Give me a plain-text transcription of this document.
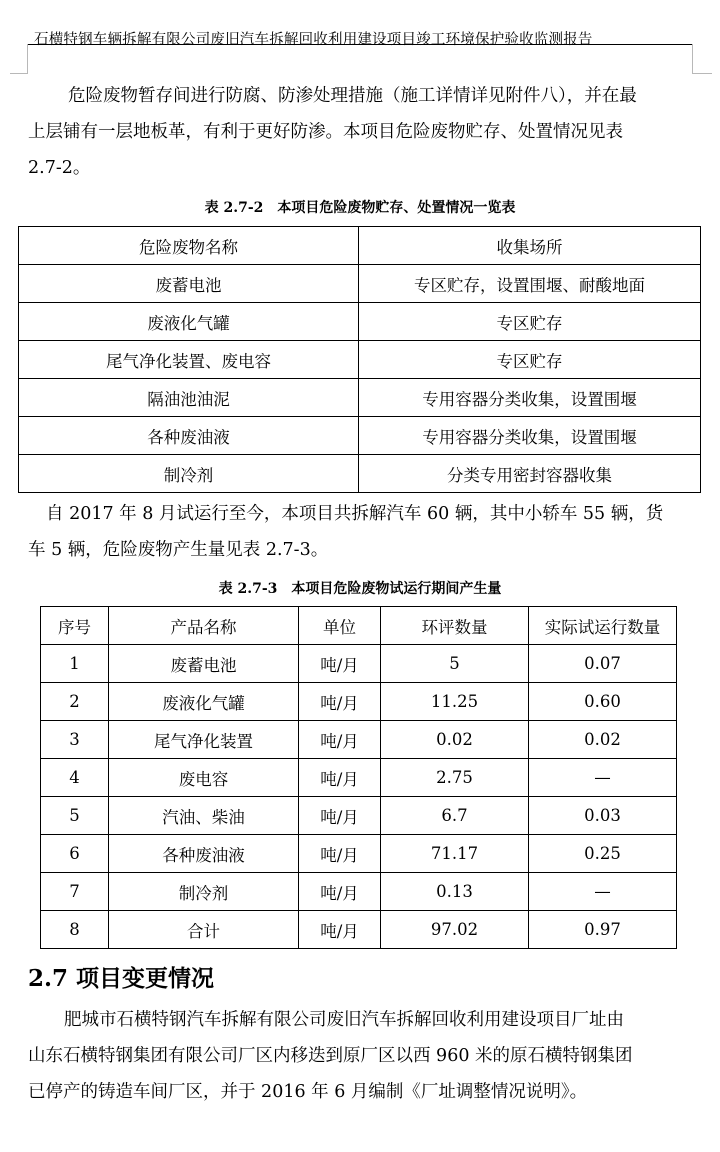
石横特钢车辆拆解有限公司废旧汽车拆解回收利用建设项目竣工环境保护验收监测报告
危险废物暂存间进行防腐、防渗处理措施（施工详情详见附件八），并在最
上层铺有一层地板革，有利于更好防渗。本项目危险废物贮存、处置情况见表
2.7-2。
表 2.7-2　本项目危险废物贮存、处置情况一览表
危险废物名称	收集场所
废蓄电池	专区贮存，设置围堰、耐酸地面
废液化气罐	专区贮存
尾气净化装置、废电容	专区贮存
隔油池油泥	专用容器分类收集，设置围堰
各种废油液	专用容器分类收集，设置围堰
制冷剂	分类专用密封容器收集
自 2017 年 8 月试运行至今，本项目共拆解汽车 60 辆，其中小轿车 55 辆，货
车 5 辆，危险废物产生量见表 2.7-3。
表 2.7-3　本项目危险废物试运行期间产生量
序号	产品名称	单位	环评数量	实际试运行数量
1	废蓄电池	吨/月	5	0.07
2	废液化气罐	吨/月	11.25	0.60
3	尾气净化装置	吨/月	0.02	0.02
4	废电容	吨/月	2.75	—
5	汽油、柴油	吨/月	6.7	0.03
6	各种废油液	吨/月	71.17	0.25
7	制冷剂	吨/月	0.13	—
8	合计	吨/月	97.02	0.97
2.7 项目变更情况
肥城市石横特钢汽车拆解有限公司废旧汽车拆解回收利用建设项目厂址由
山东石横特钢集团有限公司厂区内移迭到原厂区以西 960 米的原石横特钢集团
已停产的铸造车间厂区，并于 2016 年 6 月编制《厂址调整情况说明》。
